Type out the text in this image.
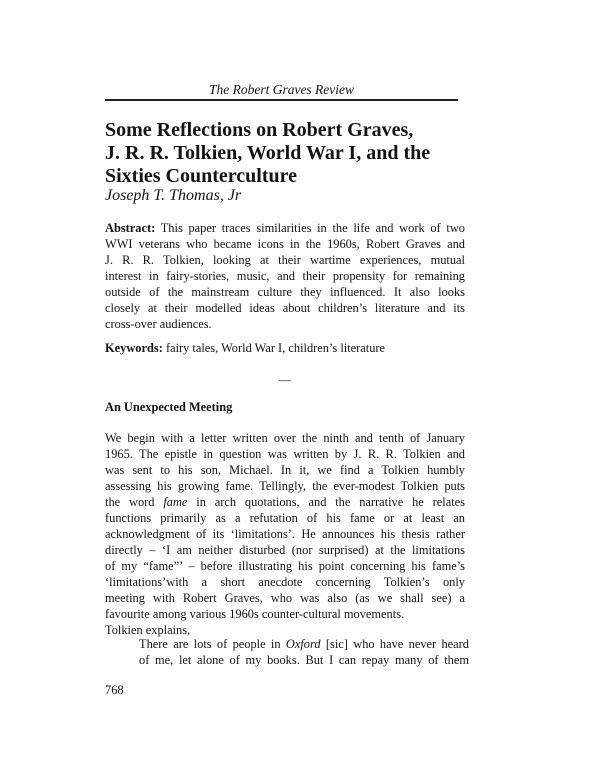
The Robert Graves Review
Some Reflections on Robert Graves,
J. R. R. Tolkien, World War I, and the
Sixties Counterculture
Joseph T. Thomas, Jr
Abstract: This paper traces similarities in the life and work of two
WWI veterans who became icons in the 1960s, Robert Graves and
J. R. R. Tolkien, looking at their wartime experiences, mutual
interest in fairy-stories, music, and their propensity for remaining
outside of the mainstream culture they influenced. It also looks
closely at their modelled ideas about children’s literature and its
cross-over audiences.
Keywords: fairy tales, World War I, children’s literature
—
An Unexpected Meeting
We begin with a letter written over the ninth and tenth of January
1965. The epistle in question was written by J. R. R. Tolkien and
was sent to his son, Michael. In it, we find a Tolkien humbly
assessing his growing fame. Tellingly, the ever-modest Tolkien puts
the word fame in arch quotations, and the narrative he relates
functions primarily as a refutation of his fame or at least an
acknowledgment of its ‘limitations’. He announces his thesis rather
directly – ‘I am neither disturbed (nor surprised) at the limitations
of my “fame”’ – before illustrating his point concerning his fame’s
‘limitations’with a short anecdote concerning Tolkien’s only
meeting with Robert Graves, who was also (as we shall see) a
favourite among various 1960s counter-cultural movements.
Tolkien explains,
There are lots of people in Oxford [sic] who have never heard
of me, let alone of my books. But I can repay many of them
768
